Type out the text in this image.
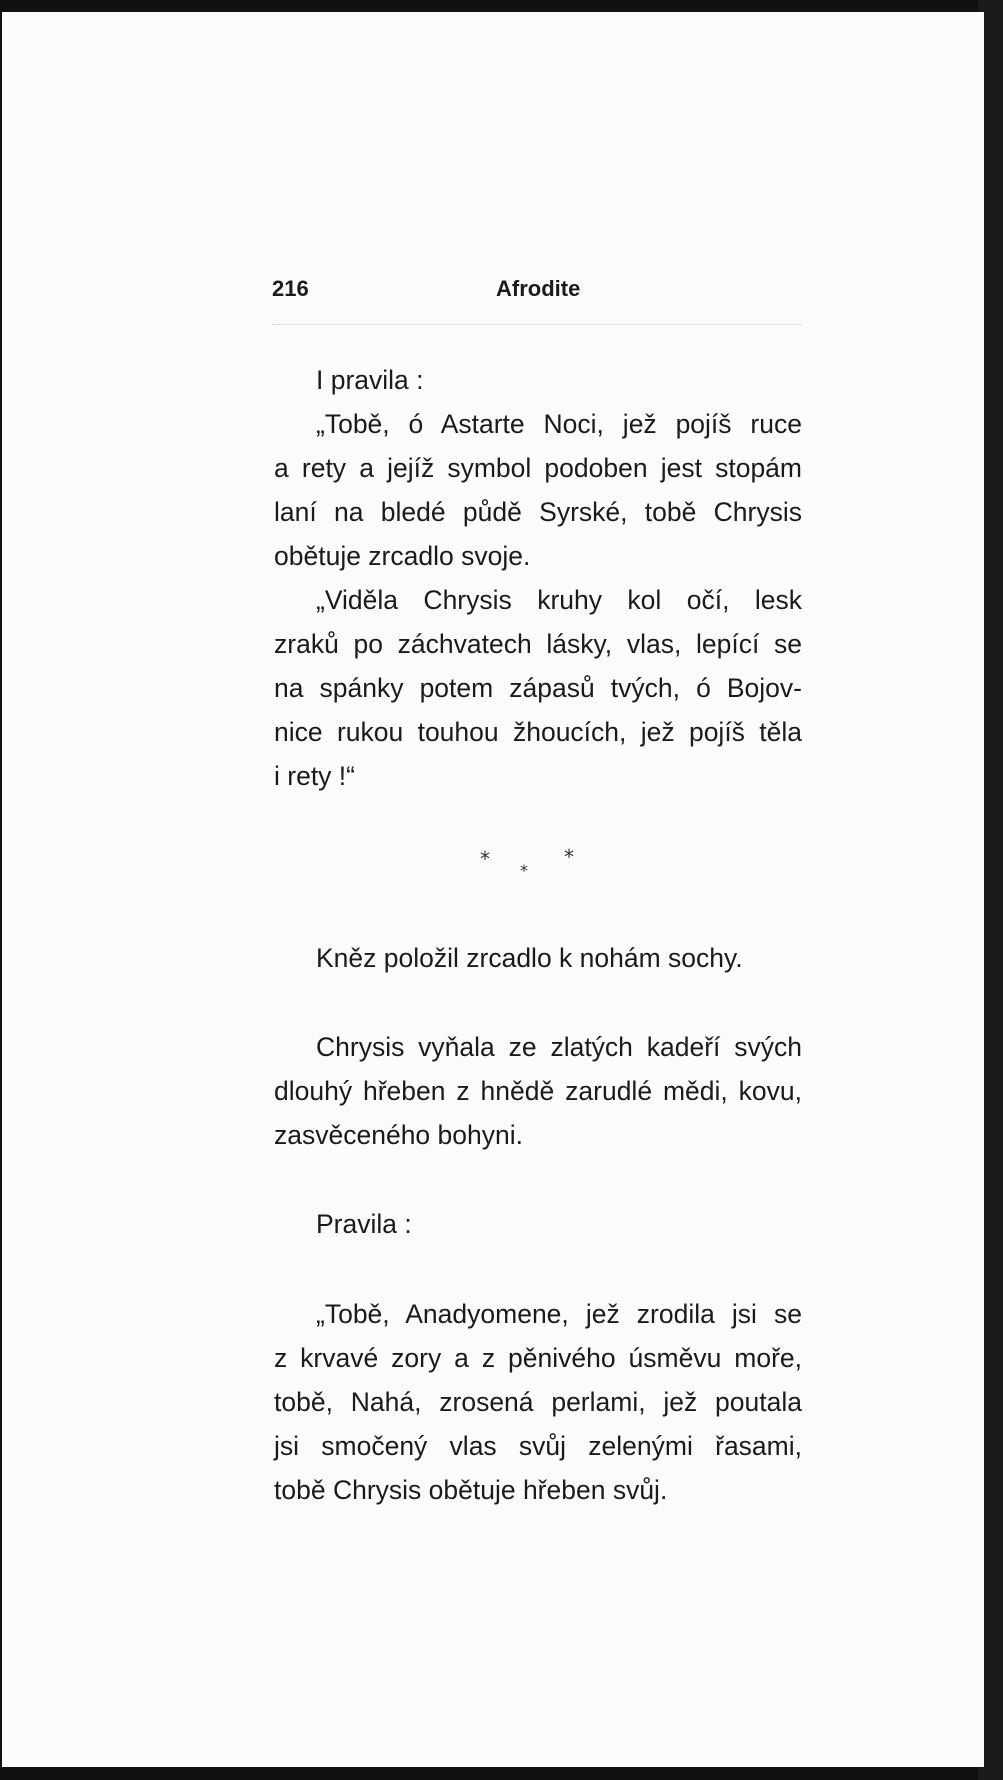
216	Afrodite
I pravila :
„Tobě, ó Astarte Noci, jež pojíš ruce
a rety a jejíž symbol podoben jest stopám
laní na bledé půdě Syrské, tobě Chrysis
obětuje zrcadlo svoje.
„Viděla Chrysis kruhy kol očí, lesk
zraků po záchvatech lásky, vlas, lepící se
na spánky potem zápasů tvých, ó Bojov-
nice rukou touhou žhoucích, jež pojíš těla
i rety !“
* *
*
Kněz položil zrcadlo k nohám sochy.
Chrysis vyňala ze zlatých kadeří svých
dlouhý hřeben z hnědě zarudlé mědi, kovu,
zasvěceného bohyni.
Pravila :
„Tobě, Anadyomene, jež zrodila jsi se
z krvavé zory a z pěnivého úsměvu moře,
tobě, Nahá, zrosená perlami, jež poutala
jsi smočený vlas svůj zelenými řasami,
tobě Chrysis obětuje hřeben svůj.
